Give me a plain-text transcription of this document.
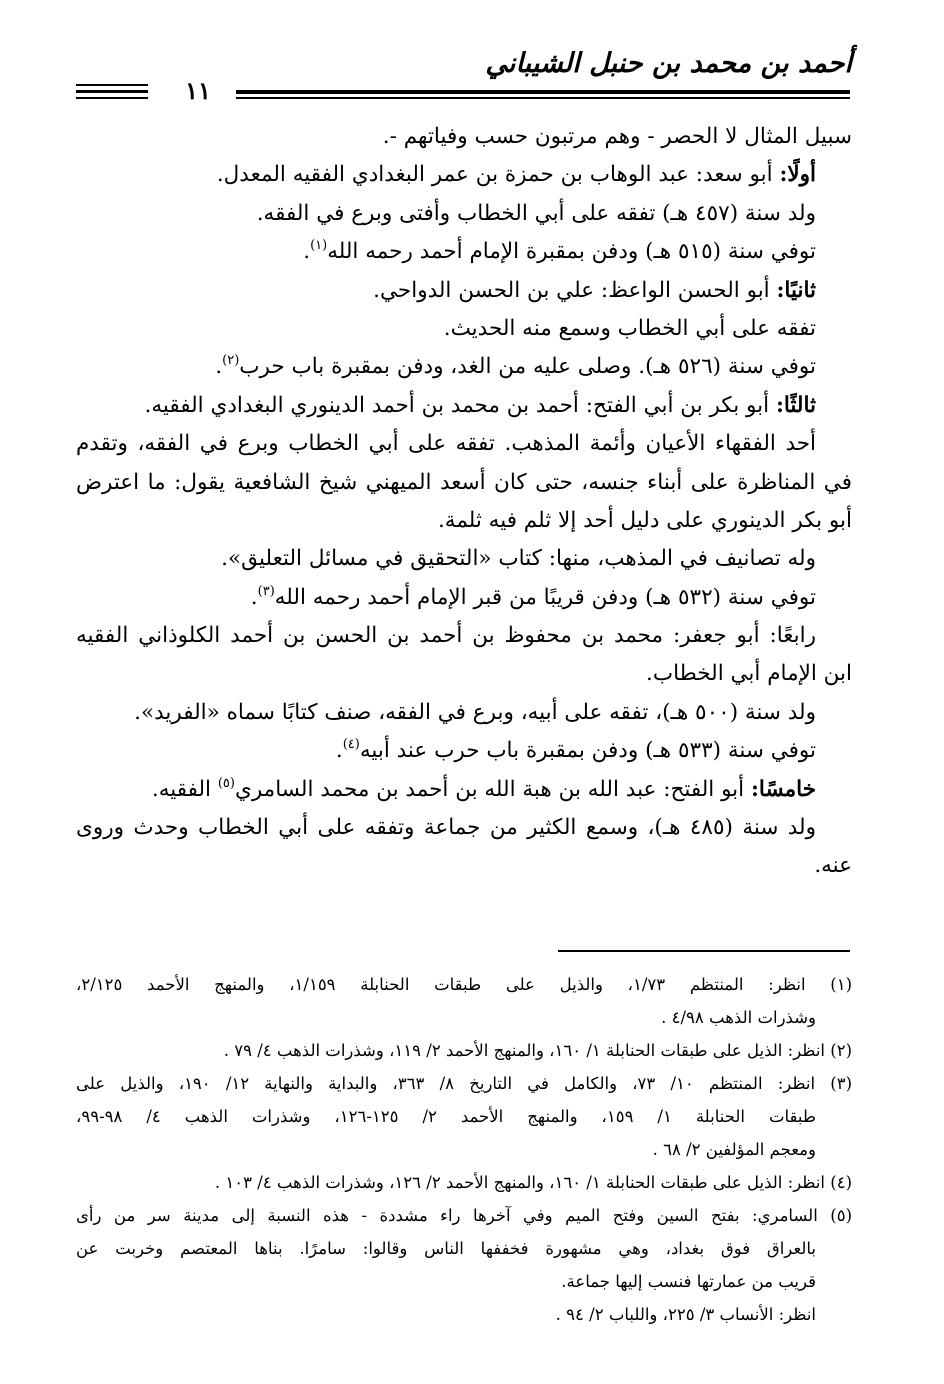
أحمد بن محمد بن حنبل الشيباني
١١
سبيل المثال لا الحصر - وهم مرتبون حسب وفياتهم -.
أولًا: أبو سعد: عبد الوهاب بن حمزة بن عمر البغدادي الفقيه المعدل.
ولد سنة (٤٥٧ هـ) تفقه على أبي الخطاب وأفتى وبرع في الفقه.
توفي سنة (٥١٥ هـ) ودفن بمقبرة الإمام أحمد رحمه الله$^{(١)}$.
ثانيًا: أبو الحسن الواعظ: علي بن الحسن الدواحي.
تفقه على أبي الخطاب وسمع منه الحديث.
توفي سنة (٥٢٦ هـ). وصلى عليه من الغد، ودفن بمقبرة باب حرب$^{(٢)}$.
ثالثًا: أبو بكر بن أبي الفتح: أحمد بن محمد بن أحمد الدينوري البغدادي الفقيه.
أحد الفقهاء الأعيان وأئمة المذهب. تفقه على أبي الخطاب وبرع في الفقه، وتقدم
في المناظرة على أبناء جنسه، حتى كان أسعد الميهني شيخ الشافعية يقول: ما اعترض
أبو بكر الدينوري على دليل أحد إلا ثلم فيه ثلمة.
وله تصانيف في المذهب، منها: كتاب «التحقيق في مسائل التعليق».
توفي سنة (٥٣٢ هـ) ودفن قريبًا من قبر الإمام أحمد رحمه الله$^{(٣)}$.
رابعًا: أبو جعفر: محمد بن محفوظ بن أحمد بن الحسن بن أحمد الكلوذاني الفقيه
ابن الإمام أبي الخطاب.
ولد سنة (٥٠٠ هـ)، تفقه على أبيه، وبرع في الفقه، صنف كتابًا سماه «الفريد».
توفي سنة (٥٣٣ هـ) ودفن بمقبرة باب حرب عند أبيه$^{(٤)}$.
خامسًا: أبو الفتح: عبد الله بن هبة الله بن أحمد بن محمد السامري$^{(٥)}$ الفقيه.
ولد سنة (٤٨٥ هـ)، وسمع الكثير من جماعة وتفقه على أبي الخطاب وحدث وروى
عنه.
(١) انظر: المنتظم ١/٧٣، والذيل على طبقات الحنابلة ١/١٥٩، والمنهج الأحمد ٢/١٢٥،
وشذرات الذهب ٤/٩٨ .
(٢) انظر: الذيل على طبقات الحنابلة ١/ ١٦٠، والمنهج الأحمد ٢/ ١١٩، وشذرات الذهب ٤/ ٧٩ .
(٣) انظر: المنتظم ١٠/ ٧٣، والكامل في التاريخ ٨/ ٣٦٣، والبداية والنهاية ١٢/ ١٩٠، والذيل على
طبقات الحنابلة ١/ ١٥٩، والمنهج الأحمد ٢/ ١٢٥-١٢٦، وشذرات الذهب ٤/ ٩٨-٩٩،
ومعجم المؤلفين ٢/ ٦٨ .
(٤) انظر: الذيل على طبقات الحنابلة ١/ ١٦٠، والمنهج الأحمد ٢/ ١٢٦، وشذرات الذهب ٤/ ١٠٣ .
(٥) السامري: بفتح السين وفتح الميم وفي آخرها راء مشددة - هذه النسبة إلى مدينة سر من رأى
بالعراق فوق بغداد، وهي مشهورة فخففها الناس وقالوا: سامرًا. بناها المعتصم وخربت عن
قريب من عمارتها فنسب إليها جماعة.
انظر: الأنساب ٣/ ٢٢٥، واللباب ٢/ ٩٤ .
